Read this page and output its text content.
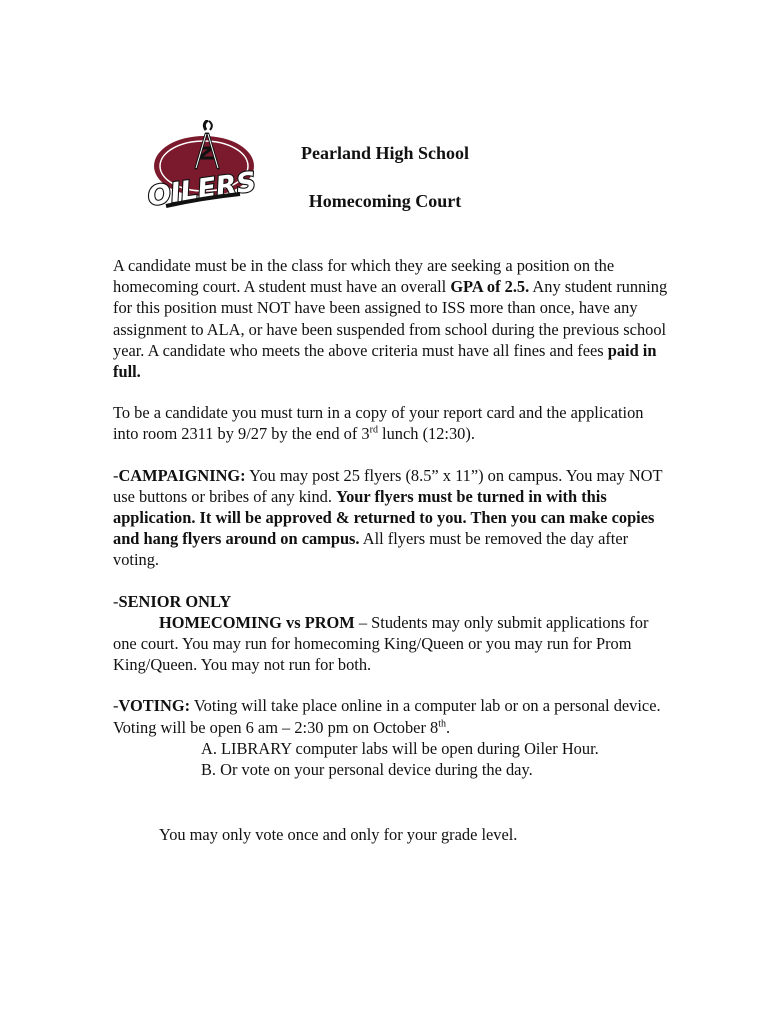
OILERS

Pearland High School

Homecoming Court

A candidate must be in the class for which they are seeking a position on the homecoming court. A student must have an overall GPA of 2.5. Any student running for this position must NOT have been assigned to ISS more than once, have any assignment to ALA, or have been suspended from school during the previous school year. A candidate who meets the above criteria must have all fines and fees paid in full.

To be a candidate you must turn in a copy of your report card and the application into room 2311 by 9/27 by the end of 3rd lunch (12:30).

-CAMPAIGNING: You may post 25 flyers (8.5” x 11”) on campus. You may NOT use buttons or bribes of any kind. Your flyers must be turned in with this application. It will be approved & returned to you. Then you can make copies and hang flyers around on campus. All flyers must be removed the day after voting.

-SENIOR ONLY
HOMECOMING vs PROM – Students may only submit applications for one court. You may run for homecoming King/Queen or you may run for Prom King/Queen. You may not run for both.

-VOTING: Voting will take place online in a computer lab or on a personal device. Voting will be open 6 am – 2:30 pm on October 8th.
A. LIBRARY computer labs will be open during Oiler Hour.
B. Or vote on your personal device during the day.

You may only vote once and only for your grade level.
